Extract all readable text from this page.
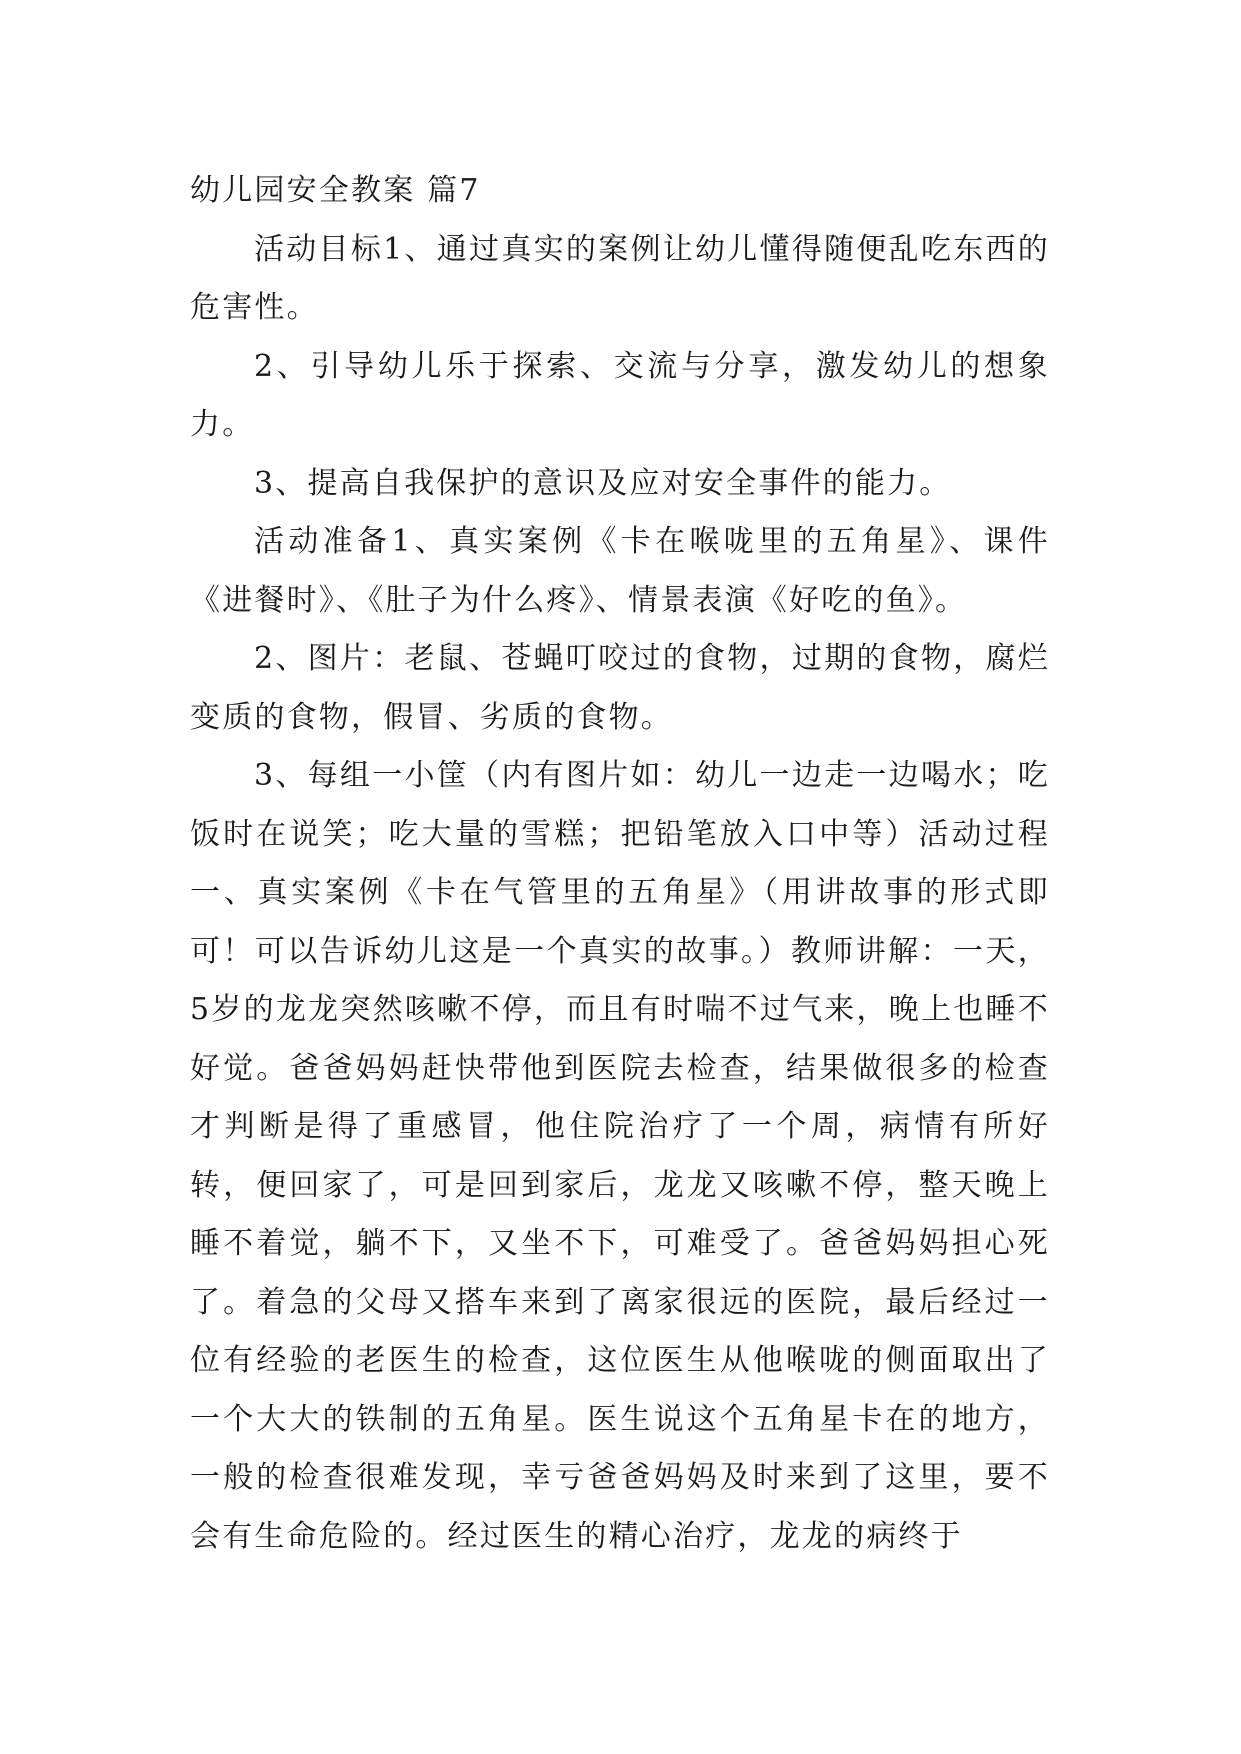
幼儿园安全教案 篇7

活动目标1、通过真实的案例让幼儿懂得随便乱吃东西的危害性。

2、引导幼儿乐于探索、交流与分享，激发幼儿的想象力。

3、提高自我保护的意识及应对安全事件的能力。

活动准备1、真实案例《卡在喉咙里的五角星》、课件《进餐时》、《肚子为什么疼》、情景表演《好吃的鱼》。

2、图片：老鼠、苍蝇叮咬过的食物，过期的食物，腐烂变质的食物，假冒、劣质的食物。

3、每组一小筐（内有图片如：幼儿一边走一边喝水；吃饭时在说笑；吃大量的雪糕；把铅笔放入口中等）活动过程一、真实案例《卡在气管里的五角星》（用讲故事的形式即可！可以告诉幼儿这是一个真实的故事。）教师讲解：一天，5岁的龙龙突然咳嗽不停，而且有时喘不过气来，晚上也睡不好觉。爸爸妈妈赶快带他到医院去检查，结果做很多的检查才判断是得了重感冒，他住院治疗了一个周，病情有所好转，便回家了，可是回到家后，龙龙又咳嗽不停，整天晚上睡不着觉，躺不下，又坐不下，可难受了。爸爸妈妈担心死了。着急的父母又搭车来到了离家很远的医院，最后经过一位有经验的老医生的检查，这位医生从他喉咙的侧面取出了一个大大的铁制的五角星。医生说这个五角星卡在的地方，一般的检查很难发现，幸亏爸爸妈妈及时来到了这里，要不会有生命危险的。经过医生的精心治疗，龙龙的病终于
